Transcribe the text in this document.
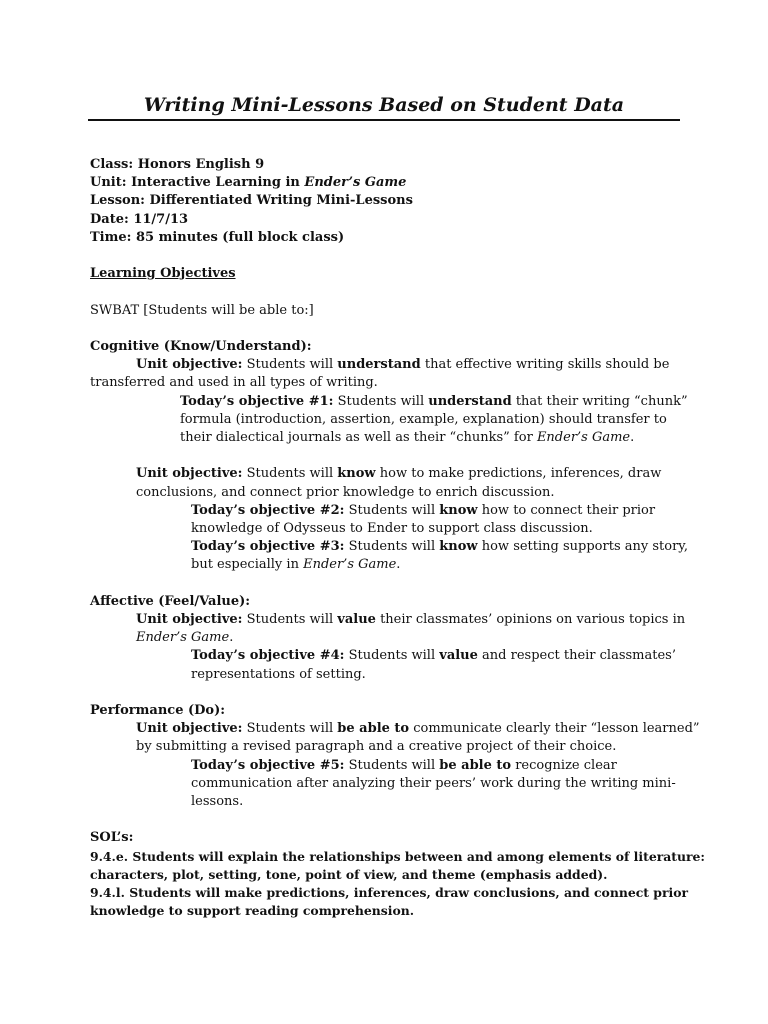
Writing Mini-Lessons Based on Student Data
Class: Honors English 9
Unit: Interactive Learning in Ender’s Game
Lesson: Differentiated Writing Mini-Lessons
Date: 11/7/13
Time: 85 minutes (full block class)
Learning Objectives
SWBAT [Students will be able to:]
Cognitive (Know/Understand):
Unit objective: Students will understand that effective writing skills should be
transferred and used in all types of writing.
Today’s objective #1: Students will understand that their writing “chunk”
formula (introduction, assertion, example, explanation) should transfer to
their dialectical journals as well as their “chunks” for Ender’s Game.
Unit objective: Students will know how to make predictions, inferences, draw
conclusions, and connect prior knowledge to enrich discussion.
Today’s objective #2: Students will know how to connect their prior
knowledge of Odysseus to Ender to support class discussion.
Today’s objective #3: Students will know how setting supports any story,
but especially in Ender’s Game.
Affective (Feel/Value):
Unit objective: Students will value their classmates’ opinions on various topics in
Ender’s Game.
Today’s objective #4: Students will value and respect their classmates’
representations of setting.
Performance (Do):
Unit objective: Students will be able to communicate clearly their “lesson learned”
by submitting a revised paragraph and a creative project of their choice.
Today’s objective #5: Students will be able to recognize clear
communication after analyzing their peers’ work during the writing mini-
lessons.
SOL’s:
9.4.e. Students will explain the relationships between and among elements of literature:
characters, plot, setting, tone, point of view, and theme (emphasis added).
9.4.l. Students will make predictions, inferences, draw conclusions, and connect prior
knowledge to support reading comprehension.
